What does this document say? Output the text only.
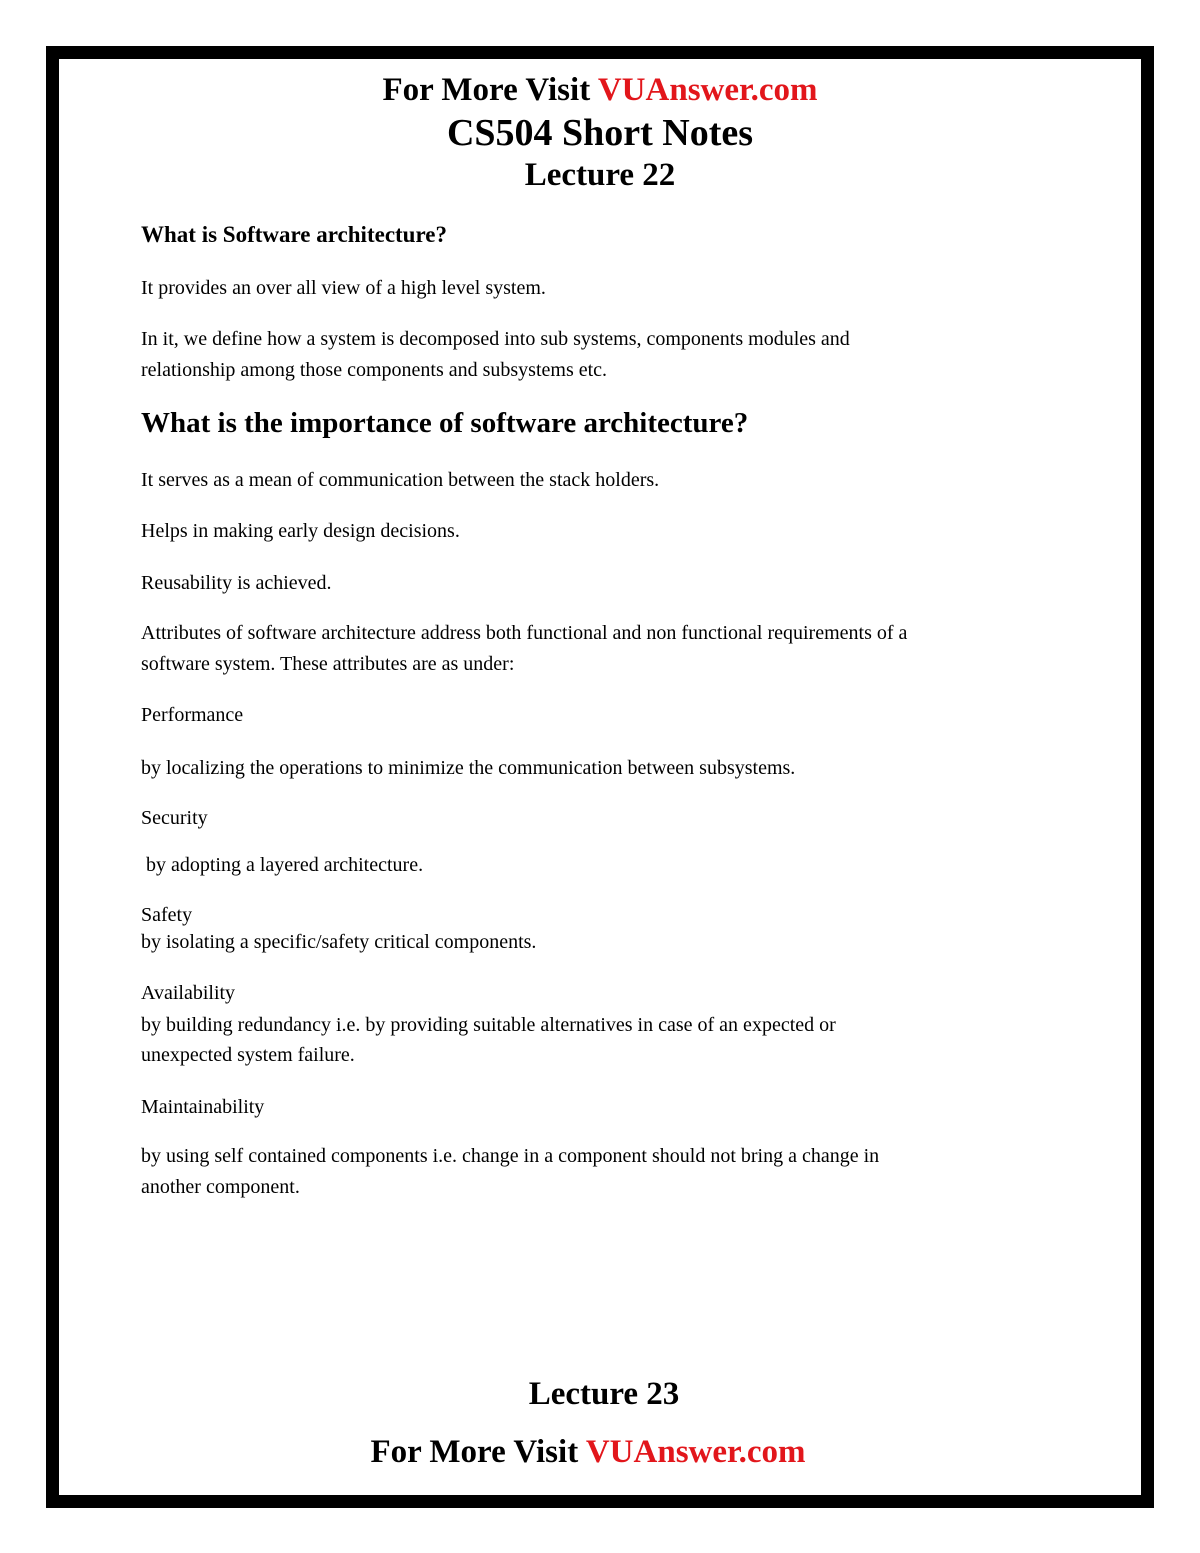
For More Visit VUAnswer.com
CS504 Short Notes
Lecture 22

What is Software architecture?

It provides an over all view of a high level system.

In it, we define how a system is decomposed into sub systems, components modules and

relationship among those components and subsystems etc.

What is the importance of software architecture?

It serves as a mean of communication between the stack holders.

Helps in making early design decisions.

Reusability is achieved.

Attributes of software architecture address both functional and non functional requirements of a

software system. These attributes are as under:

Performance

by localizing the operations to minimize the communication between subsystems.

Security

by adopting a layered architecture.

Safety

by isolating a specific/safety critical components.

Availability

by building redundancy i.e. by providing suitable alternatives in case of an expected or

unexpected system failure.

Maintainability

by using self contained components i.e. change in a component should not bring a change in

another component.

Lecture 23
For More Visit VUAnswer.com
